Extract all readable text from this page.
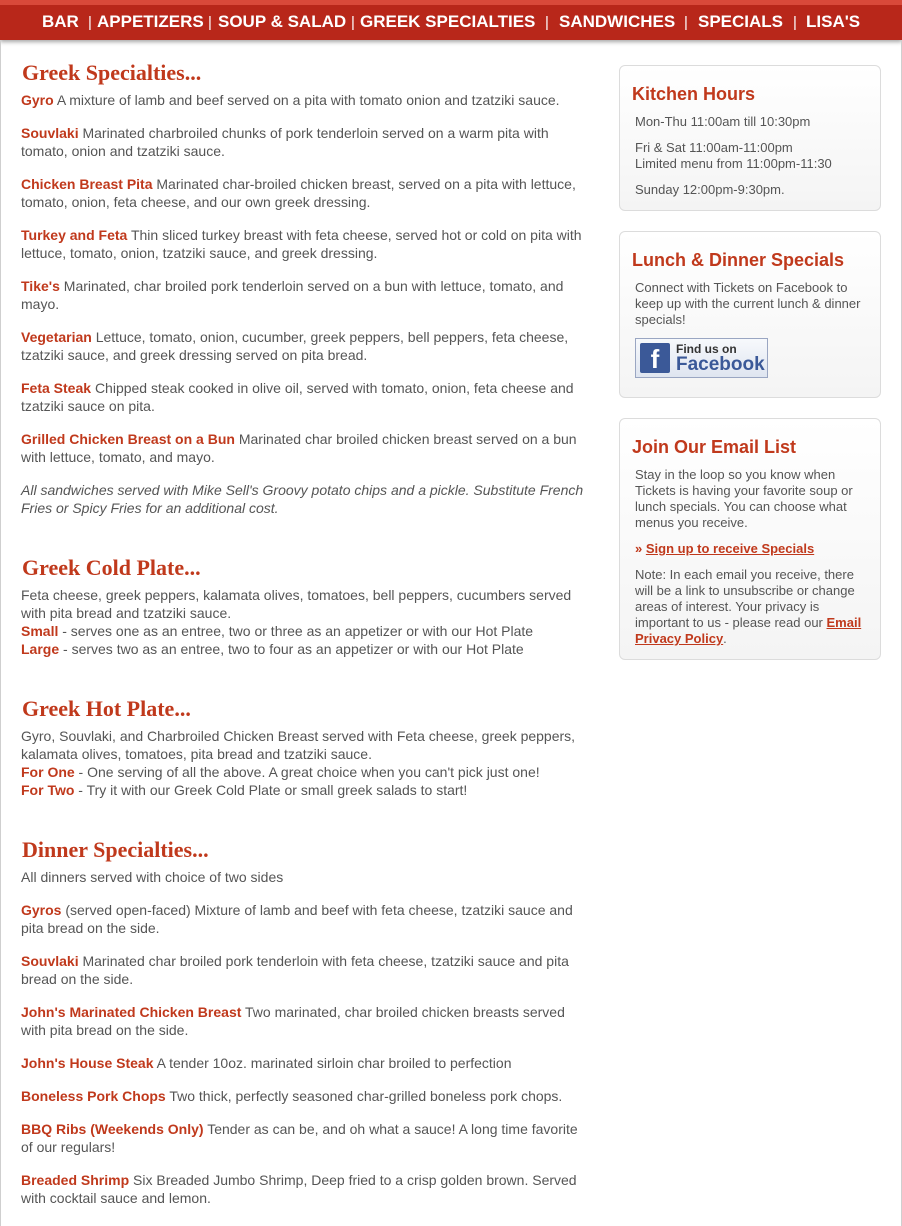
BAR | APPETIZERS | SOUP & SALAD | GREEK SPECIALTIES | SANDWICHES | SPECIALS | LISA'S
Greek Specialties...
Gyro A mixture of lamb and beef served on a pita with tomato onion and tzatziki sauce.
Souvlaki Marinated charbroiled chunks of pork tenderloin served on a warm pita with tomato, onion and tzatziki sauce.
Chicken Breast Pita Marinated char-broiled chicken breast, served on a pita with lettuce, tomato, onion, feta cheese, and our own greek dressing.
Turkey and Feta Thin sliced turkey breast with feta cheese, served hot or cold on pita with lettuce, tomato, onion, tzatziki sauce, and greek dressing.
Tike's Marinated, char broiled pork tenderloin served on a bun with lettuce, tomato, and mayo.
Vegetarian Lettuce, tomato, onion, cucumber, greek peppers, bell peppers, feta cheese, tzatziki sauce, and greek dressing served on pita bread.
Feta Steak Chipped steak cooked in olive oil, served with tomato, onion, feta cheese and tzatziki sauce on pita.
Grilled Chicken Breast on a Bun Marinated char broiled chicken breast served on a bun with lettuce, tomato, and mayo.
All sandwiches served with Mike Sell's Groovy potato chips and a pickle. Substitute French Fries or Spicy Fries for an additional cost.
Greek Cold Plate...
Feta cheese, greek peppers, kalamata olives, tomatoes, bell peppers, cucumbers served with pita bread and tzatziki sauce.
Small - serves one as an entree, two or three as an appetizer or with our Hot Plate
Large - serves two as an entree, two to four as an appetizer or with our Hot Plate
Greek Hot Plate...
Gyro, Souvlaki, and Charbroiled Chicken Breast served with Feta cheese, greek peppers, kalamata olives, tomatoes, pita bread and tzatziki sauce.
For One - One serving of all the above. A great choice when you can't pick just one!
For Two - Try it with our Greek Cold Plate or small greek salads to start!
Dinner Specialties...
All dinners served with choice of two sides
Gyros (served open-faced) Mixture of lamb and beef with feta cheese, tzatziki sauce and pita bread on the side.
Souvlaki Marinated char broiled pork tenderloin with feta cheese, tzatziki sauce and pita bread on the side.
John's Marinated Chicken Breast Two marinated, char broiled chicken breasts served with pita bread on the side.
John's House Steak A tender 10oz. marinated sirloin char broiled to perfection
Boneless Pork Chops Two thick, perfectly seasoned char-grilled boneless pork chops.
BBQ Ribs (Weekends Only) Tender as can be, and oh what a sauce! A long time favorite of our regulars!
Breaded Shrimp Six Breaded Jumbo Shrimp, Deep fried to a crisp golden brown. Served with cocktail sauce and lemon.
Kitchen Hours

Mon-Thu 11:00am till 10:30pm

Fri & Sat 11:00am-11:00pm

Limited menu from 11:00pm-11:30

Sunday 12:00pm-9:30pm.

Lunch & Dinner Specials

Connect with Tickets on Facebook to keep up with the current lunch & dinner specials!

f	Find us on
Facebook
Join Our Email List

Stay in the loop so you know when Tickets is having your favorite soup or lunch specials. You can choose what menus you receive.

» Sign up to receive Specials

Note: In each email you receive, there will be a link to unsubscribe or change areas of interest. Your privacy is important to us - please read our Email Privacy Policy.
